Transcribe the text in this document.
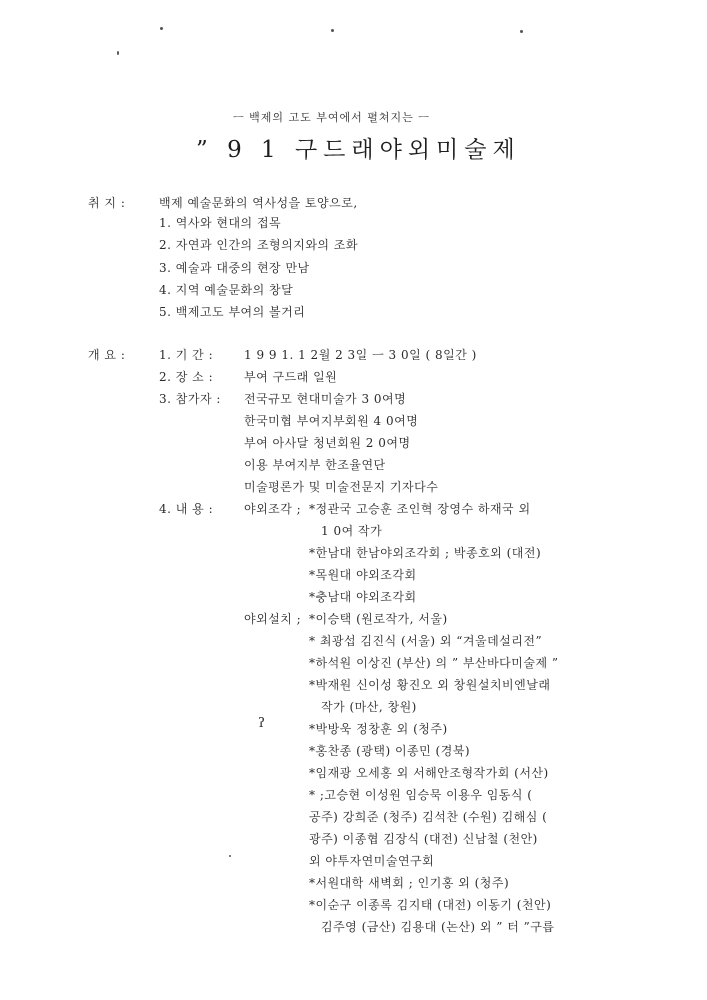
ㅡ 백제의 고도 부여에서 펼쳐지는 ㅡ
” 9 1 구드래야외미술제
취 지 :	백제 예술문화의 역사성을 토양으로,
1. 역사와 현대의 접목
2. 자연과 인간의 조형의지와의 조화
3. 예술과 대중의 현장 만남
4. 지역 예술문화의 창달
5. 백제고도 부여의 볼거리
개 요 :	1. 기 간 :	1 9 9 1. 1 2월 2 3일 ㅡ 3 0일 ( 8일간 )
2. 장 소 :	부여 구드래 일원
3. 참가자 : 전국규모 현대미술가 3 0여명
한국미협 부여지부회원 4 0여명
부여 아사달 청년회원 2 0여명
이용 부여지부 한조율연단
미술평론가 및 미술전문지 기자다수
4. 내 용 :	야외조각 ; *정관국 고승훈 조인혁 장영수 하재국 외
1 0여 작가
*한남대 한남야외조각회 ; 박종호외 (대전)
*목원대 야외조각회
*충남대 야외조각회
야외설치 ; *이승택 (원로작가, 서울)
* 최광섭 김진식 (서울) 외 “겨울데설리전”
*하석원 이상진 (부산) 의 ” 부산바다미술제 ”
*박재원 신이성 황진오 외 창원설치비엔날래
작가 (마산, 창원)
*박방욱 정창훈 외 (청주)
*홍찬종 (광택) 이종민 (경북)
*임재광 오세홍 외 서해안조형작가회 (서산)
* ;고승현 이성원 임승묵 이용우 임동식 (
공주) 강희준 (청주) 김석찬 (수원) 김해심 (
광주) 이종협 김장식 (대전) 신남철 (천안)
외 야투자연미술연구회
*서원대학 새벽회 ; 인기홍 외 (청주)
*이순구 이종록 김지태 (대전) 이동기 (천안)
김주영 (금산) 김용대 (논산) 외 ” 터 ”구릅
ʔ
